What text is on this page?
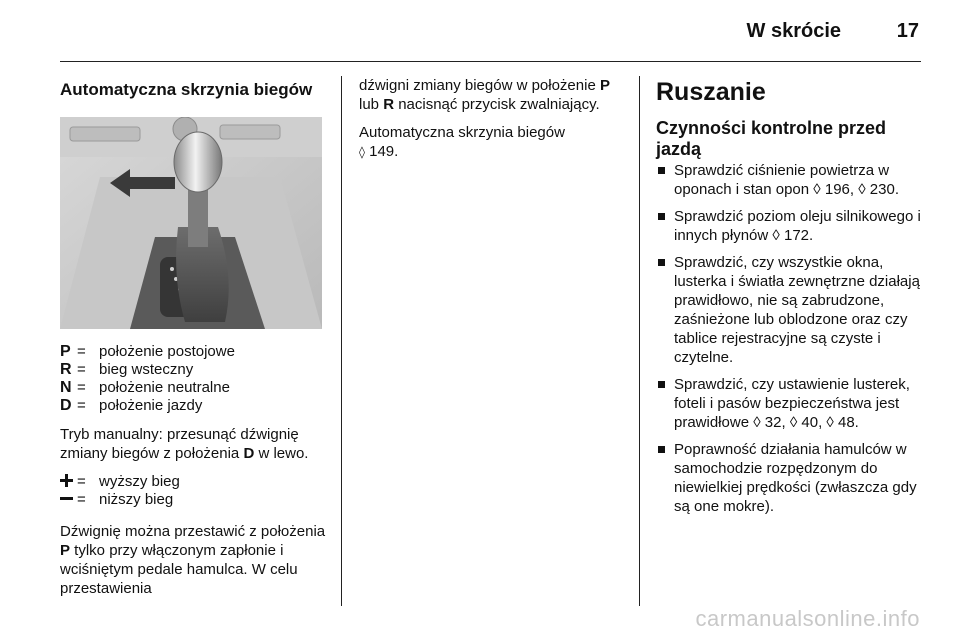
W skrócie	17
Automatyczna skrzynia biegów
P = położenie postojowe
R = bieg wsteczny
N = położenie neutralne
D = położenie jazdy

Tryb manualny: przesunąć dźwignię zmiany biegów z położenia D w lewo.

= wyższy bieg
= niższy bieg

Dźwignię można przestawić z położenia P tylko przy włączonym zapłonie i wciśniętym pedale hamulca. W celu przestawienia

dźwigni zmiany biegów w położenie P lub R nacisnąć przycisk zwalniający.

Automatyczna skrzynia biegów
◊ 149.

Ruszanie
Czynności kontrolne przed jazdą
Sprawdzić ciśnienie powietrza w oponach i stan opon ◊ 196, ◊ 230.
Sprawdzić poziom oleju silnikowego i innych płynów ◊ 172.
Sprawdzić, czy wszystkie okna, lusterka i światła zewnętrzne działają prawidłowo, nie są zabrudzone, zaśnieżone lub oblodzone oraz czy tablice rejestracyjne są czyste i czytelne.
Sprawdzić, czy ustawienie lusterek, foteli i pasów bezpieczeństwa jest prawidłowe ◊ 32, ◊ 40, ◊ 48.
Poprawność działania hamulców w samochodzie rozpędzonym do niewielkiej prędkości (zwłaszcza gdy są one mokre).
carmanualsonline.info
